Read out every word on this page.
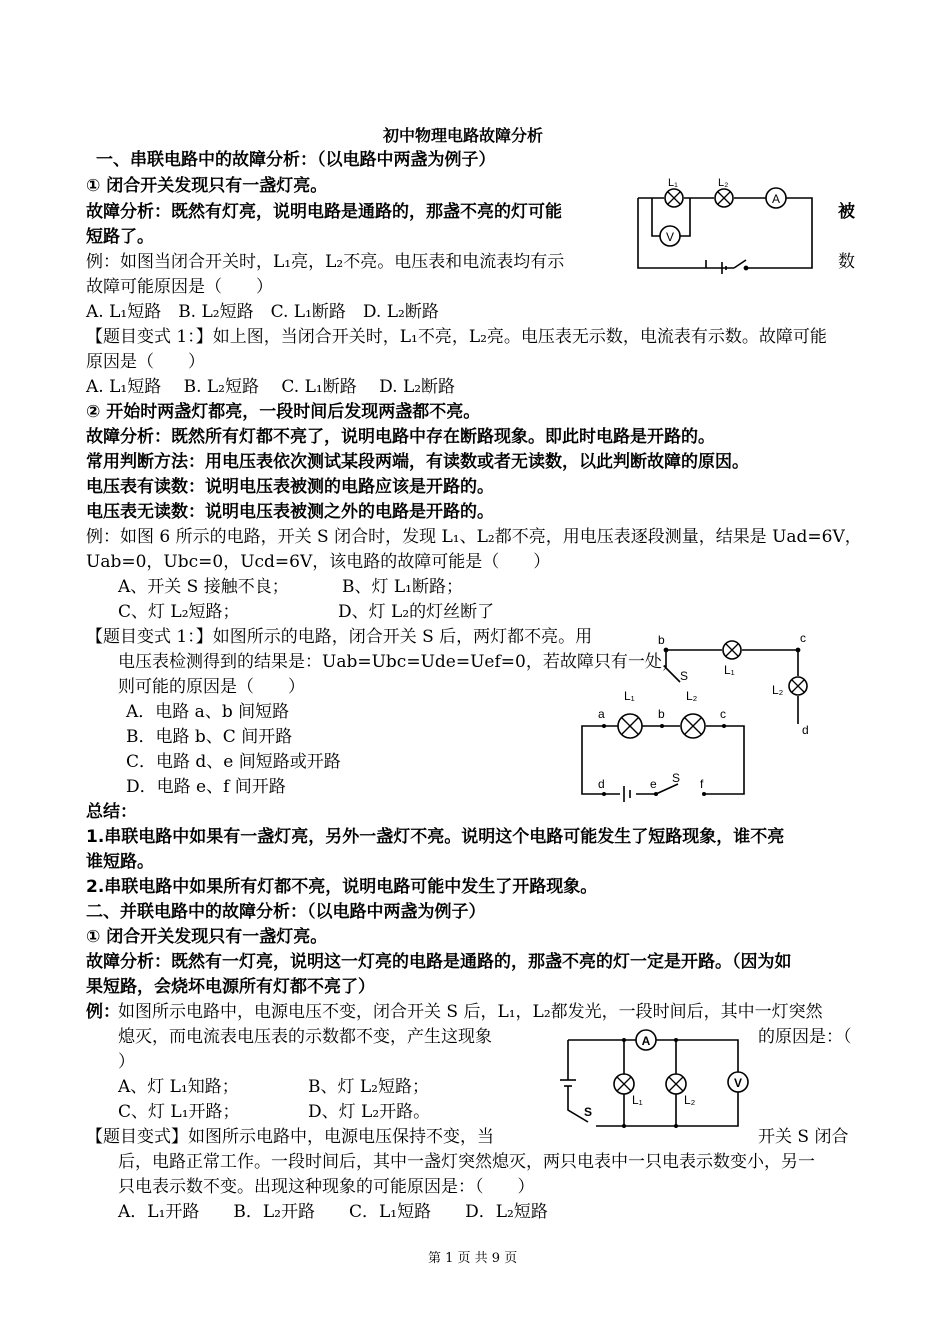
初中物理电路故障分析
一、串联电路中的故障分析：（以电路中两盏为例子）
① 闭合开关发现只有一盏灯亮。
故障分析：既然有灯亮，说明电路是通路的，那盏不亮的灯可能	被
短路了。
例：如图当闭合开关时，L₁亮，L₂不亮。电压表和电流表均有示	数
故障可能原因是（　　）
A. L₁短路　B. L₂短路　C. L₁断路　D. L₂断路
【题目变式 1：】如上图，当闭合开关时，L₁不亮，L₂亮。电压表无示数，电流表有示数。故障可能
原因是（　　）
A. L₁短路　 B. L₂短路　 C. L₁断路　 D. L₂断路
② 开始时两盏灯都亮，一段时间后发现两盏都不亮。
故障分析：既然所有灯都不亮了，说明电路中存在断路现象。即此时电路是开路的。
常用判断方法：用电压表依次测试某段两端，有读数或者无读数，以此判断故障的原因。
电压表有读数：说明电压表被测的电路应该是开路的。
电压表无读数：说明电压表被测之外的电路是开路的。
例：如图 6 所示的电路，开关 S 闭合时，发现 L₁、L₂都不亮，用电压表逐段测量，结果是 Uad=6V，
Uab=0，Ubc=0，Ucd=6V，该电路的故障可能是（　　）
A、开关 S 接触不良；	B、灯 L₁断路；
C、灯 L₂短路；	D、灯 L₂的灯丝断了
【题目变式 1：】如图所示的电路，闭合开关 S 后，两灯都不亮。用
电压表检测得到的结果是：Uab=Ubc=Ude=Uef=0，若故障只有一处，
则可能的原因是（　　）
A．电路 a、b 间短路
B．电路 b、C 间开路
C．电路 d、e 间短路或开路
D．电路 e、f 间开路
总结：
1.串联电路中如果有一盏灯亮，另外一盏灯不亮。说明这个电路可能发生了短路现象，谁不亮
谁短路。
2.串联电路中如果所有灯都不亮，说明电路可能中发生了开路现象。
二、并联电路中的故障分析：（以电路中两盏为例子）
① 闭合开关发现只有一盏灯亮。
故障分析：既然有一灯亮，说明这一灯亮的电路是通路的，那盏不亮的灯一定是开路。（因为如
果短路，会烧坏电源所有灯都不亮了）
例：
如图所示电路中，电源电压不变，闭合开关 S 后，L₁，L₂都发光，一段时间后，其中一灯突然
熄灭，而电流表电压表的示数都不变，产生这现象	的原因是：（
）
A、灯 L₁知路；	B、灯 L₂短路；
C、灯 L₁开路；	D、灯 L₂开路。
【题目变式】如图所示电路中，电源电压保持不变，当	开关 S 闭合
后，电路正常工作。一段时间后，其中一盏灯突然熄灭，两只电表中一只电表示数变小，另一
只电表示数不变。出现这种现象的可能原因是：（　　）
A．L₁开路　　B．L₂开路　　C．L₁短路　　D．L₂短路
第 1 页 共 9 页
A
V
L₁	L₂
b	c
S	L₁
L₂
d
L₁	L₂
a	b	c
d	e S f
A
V
S
L₁	L₂
